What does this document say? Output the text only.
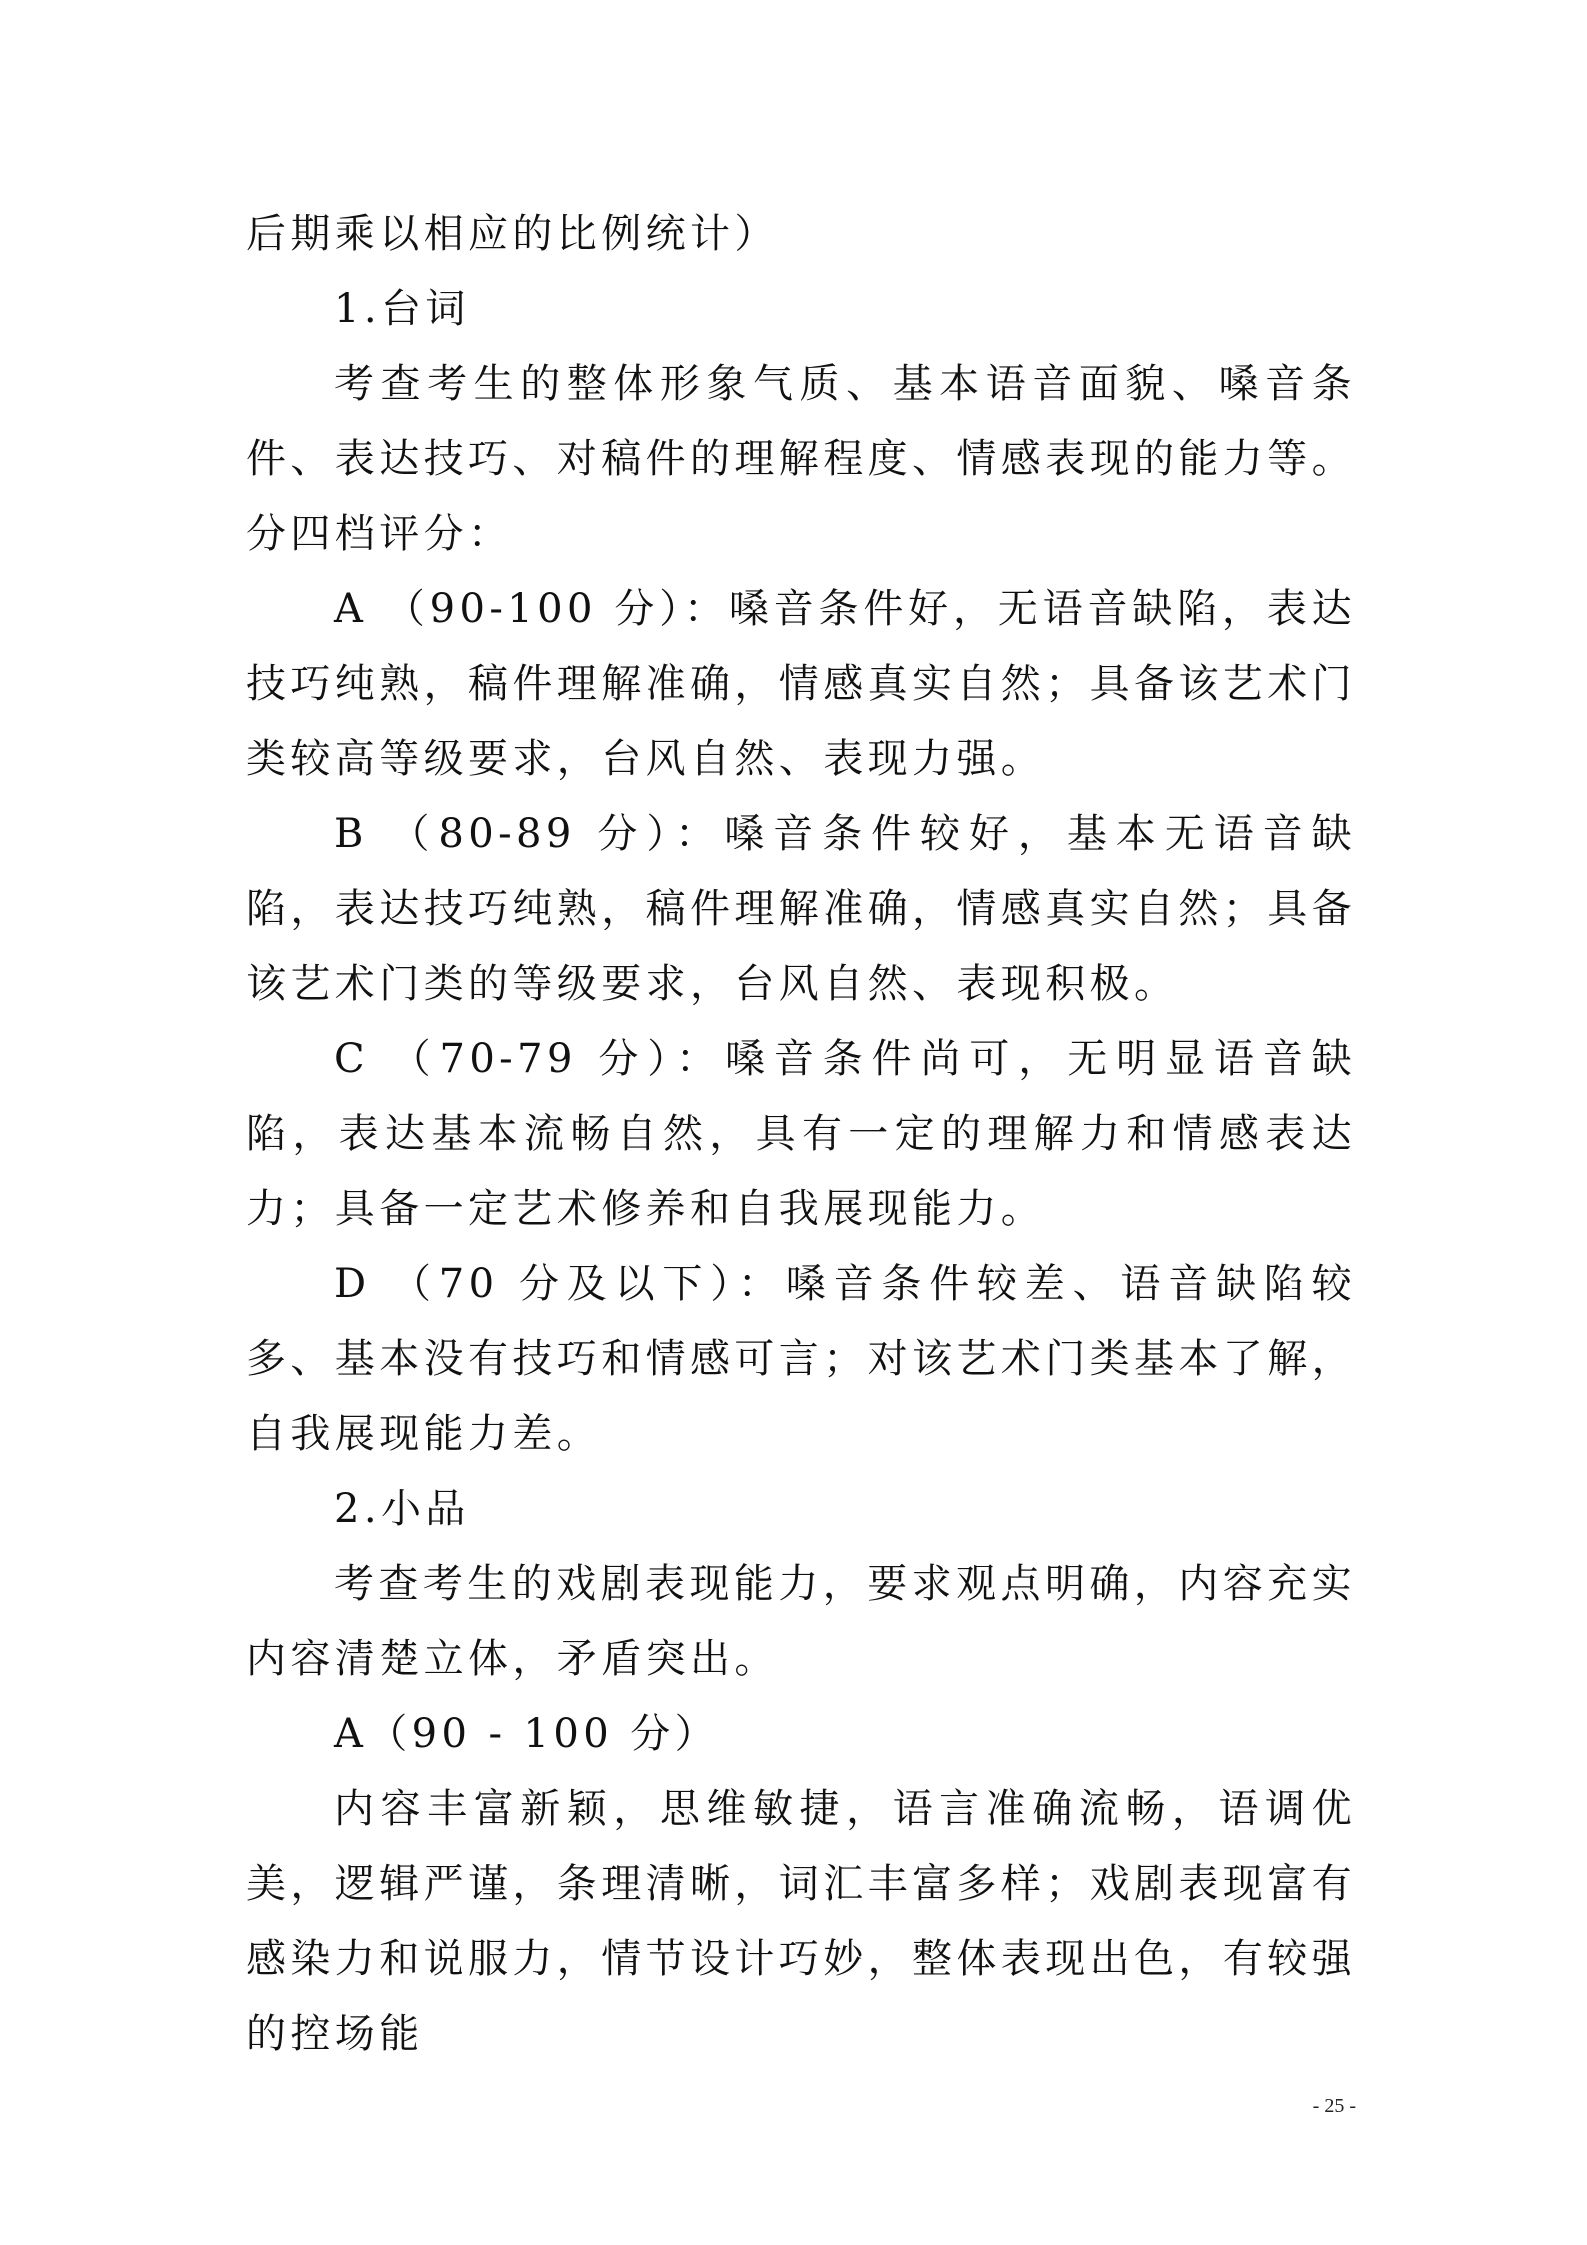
后期乘以相应的比例统计）

1.台词

考查考生的整体形象气质、基本语音面貌、嗓音条件、表达技巧、对稿件的理解程度、情感表现的能力等。分四档评分：

A （90-100 分）：嗓音条件好，无语音缺陷，表达技巧纯熟，稿件理解准确，情感真实自然；具备该艺术门类较高等级要求，台风自然、表现力强。

B （80-89 分）：嗓音条件较好，基本无语音缺陷，表达技巧纯熟，稿件理解准确，情感真实自然；具备该艺术门类的等级要求，台风自然、表现积极。

C （70-79 分）：嗓音条件尚可，无明显语音缺陷，表达基本流畅自然，具有一定的理解力和情感表达力；具备一定艺术修养和自我展现能力。

D （70 分及以下）：嗓音条件较差、语音缺陷较多、基本没有技巧和情感可言；对该艺术门类基本了解，自我展现能力差。

2.小品

考查考生的戏剧表现能力，要求观点明确，内容充实内容清楚立体，矛盾突出。

A（90 - 100 分）

内容丰富新颖，思维敏捷，语言准确流畅，语调优美，逻辑严谨，条理清晰，词汇丰富多样；戏剧表现富有感染力和说服力，情节设计巧妙，整体表现出色，有较强的控场能

- 25 -
